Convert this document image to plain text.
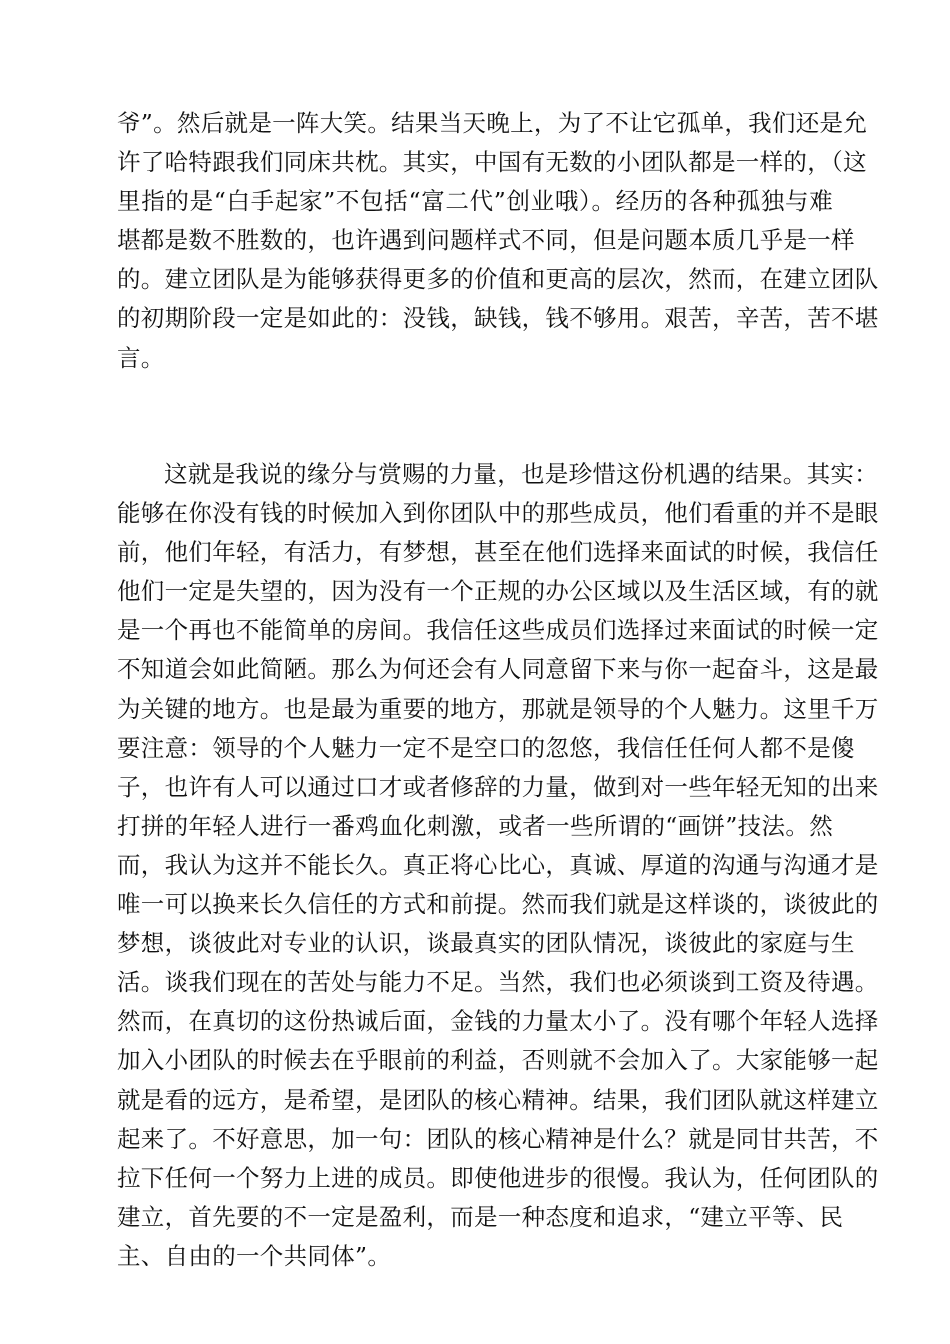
爷”。然后就是一阵大笑。结果当天晚上，为了不让它孤单，我们还是允
许了哈特跟我们同床共枕。其实，中国有无数的小团队都是一样的，（这
里指的是“白手起家”不包括“富二代”创业哦）。经历的各种孤独与难
堪都是数不胜数的，也许遇到问题样式不同，但是问题本质几乎是一样
的。建立团队是为能够获得更多的价值和更高的层次，然而，在建立团队
的初期阶段一定是如此的：没钱，缺钱，钱不够用。艰苦，辛苦，苦不堪
言。
这就是我说的缘分与赏赐的力量，也是珍惜这份机遇的结果。其实：
能够在你没有钱的时候加入到你团队中的那些成员，他们看重的并不是眼
前，他们年轻，有活力，有梦想，甚至在他们选择来面试的时候，我信任
他们一定是失望的，因为没有一个正规的办公区域以及生活区域，有的就
是一个再也不能简单的房间。我信任这些成员们选择过来面试的时候一定
不知道会如此简陋。那么为何还会有人同意留下来与你一起奋斗，这是最
为关键的地方。也是最为重要的地方，那就是领导的个人魅力。这里千万
要注意：领导的个人魅力一定不是空口的忽悠，我信任任何人都不是傻
子，也许有人可以通过口才或者修辞的力量，做到对一些年轻无知的出来
打拼的年轻人进行一番鸡血化刺激，或者一些所谓的“画饼”技法。然
而，我认为这并不能长久。真正将心比心，真诚、厚道的沟通与沟通才是
唯一可以换来长久信任的方式和前提。然而我们就是这样谈的，谈彼此的
梦想，谈彼此对专业的认识，谈最真实的团队情况，谈彼此的家庭与生
活。谈我们现在的苦处与能力不足。当然，我们也必须谈到工资及待遇。
然而，在真切的这份热诚后面，金钱的力量太小了。没有哪个年轻人选择
加入小团队的时候去在乎眼前的利益，否则就不会加入了。大家能够一起
就是看的远方，是希望，是团队的核心精神。结果，我们团队就这样建立
起来了。不好意思，加一句：团队的核心精神是什么？就是同甘共苦，不
拉下任何一个努力上进的成员。即使他进步的很慢。我认为，任何团队的
建立，首先要的不一定是盈利，而是一种态度和追求，“建立平等、民
主、自由的一个共同体”。
